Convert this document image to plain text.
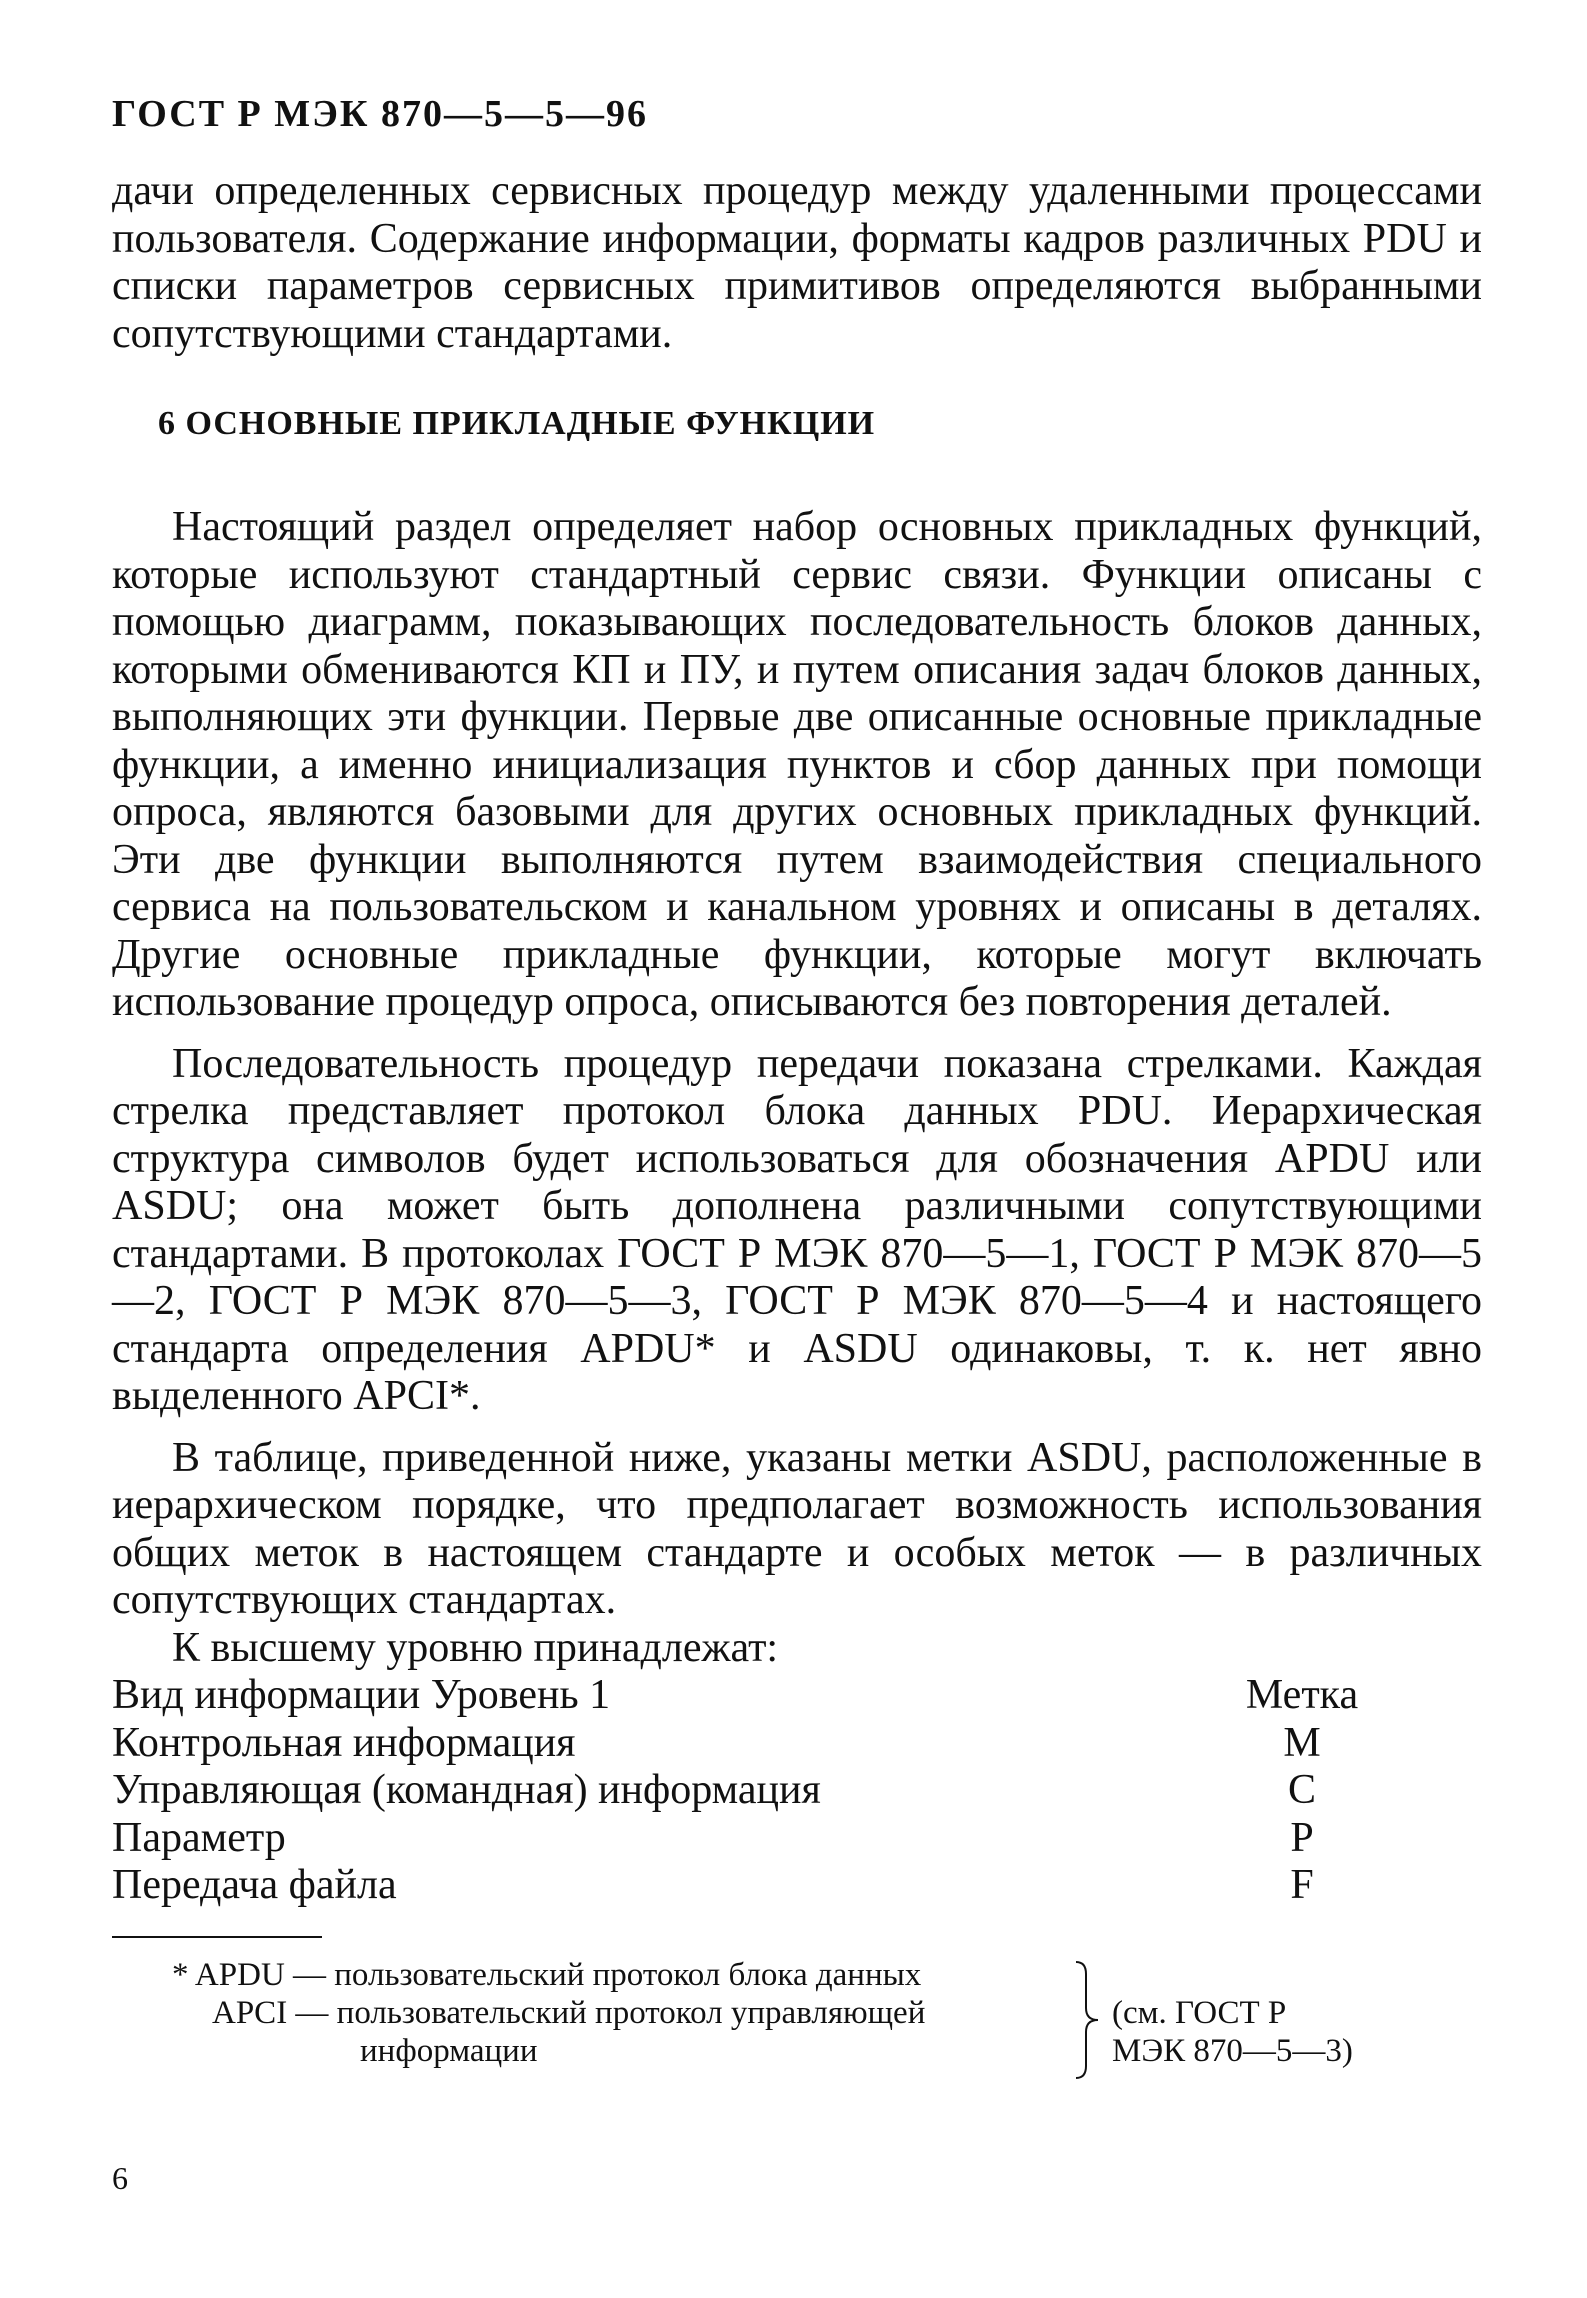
ГОСТ Р МЭК 870—5—5—96

дачи определенных сервисных процедур между удаленными процессами пользователя. Содержание информации, форматы кадров различных PDU и списки параметров сервисных примитивов определяются выбранными сопутствующими стандартами.

6 ОСНОВНЫЕ ПРИКЛАДНЫЕ ФУНКЦИИ

Настоящий раздел определяет набор основных прикладных функций, которые используют стандартный сервис связи. Функции описаны с помощью диаграмм, показывающих последовательность блоков данных, которыми обмениваются КП и ПУ, и путем описания задач блоков данных, выполняющих эти функции. Первые две описанные основные прикладные функции, а именно инициализация пунктов и сбор данных при помощи опроса, являются базовыми для других основных прикладных функций. Эти две функции выполняются путем взаимодействия специального сервиса на пользовательском и канальном уровнях и описаны в деталях. Другие основные прикладные функции, которые могут включать использование процедур опроса, описываются без повторения деталей.

Последовательность процедур передачи показана стрелками. Каждая стрелка представляет протокол блока данных PDU. Иерархическая структура символов будет использоваться для обозначения APDU или ASDU; она может быть дополнена различными сопутствующими стандартами. В протоколах ГОСТ Р МЭК 870—5—1, ГОСТ Р МЭК 870—5—2, ГОСТ Р МЭК 870—5—3, ГОСТ Р МЭК 870—5—4 и настоящего стандарта определения APDU* и ASDU одинаковы, т. к. нет явно выделенного APCI*.

В таблице, приведенной ниже, указаны метки ASDU, расположенные в иерархическом порядке, что предполагает возможность использования общих меток в настоящем стандарте и особых меток — в различных сопутствующих стандартах.

К высшему уровню принадлежат:

Вид информации Уровень 1	Метка
Контрольная информация	M
Управляющая (командная) информация	C
Параметр	P
Передача файла	F
* APDU — пользовательский протокол блока данных
APCI — пользовательский протокол управляющей
информации
(см. ГОСТ Р
МЭК 870—5—3)
6
